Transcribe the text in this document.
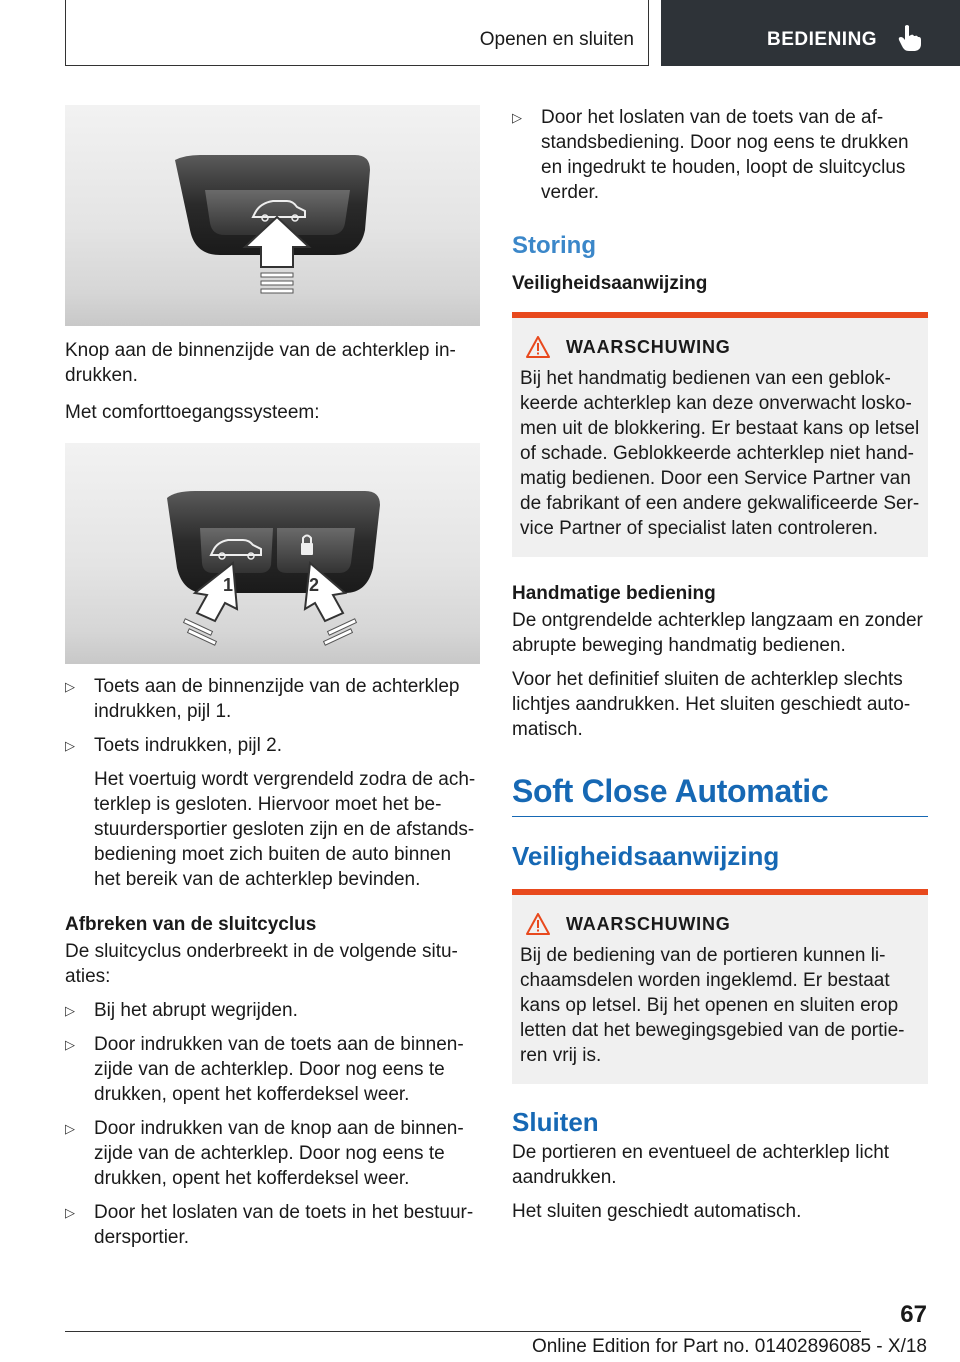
Openen en sluiten	BEDIENING

Knop aan de binnenzijde van de achterklep in-drukken.

Met comforttoegangssysteem:

1	2
▷ Toets aan de binnenzijde van de achterklep indrukken, pijl 1.
▷ Toets indrukken, pijl 2.
Het voertuig wordt vergrendeld zodra de ach-terklep is gesloten. Hiervoor moet het be-stuurdersportier gesloten zijn en de afstands-bediening moet zich buiten de auto binnen het bereik van de achterklep bevinden.
Afbreken van de sluitcyclus

De sluitcyclus onderbreekt in de volgende situ-aties:

▷ Bij het abrupt wegrijden.
▷ Door indrukken van de toets aan de binnen-zijde van de achterklep. Door nog eens te drukken, opent het kofferdeksel weer.
▷ Door indrukken van de knop aan de binnen-zijde van de achterklep. Door nog eens te drukken, opent het kofferdeksel weer.
▷ Door het loslaten van de toets in het bestuur-dersportier.
▷ Door het loslaten van de toets van de af-standsbediening. Door nog eens te drukken en ingedrukt te houden, loopt de sluitcyclus verder.
Storing
Veiligheidsaanwijzing
WAARSCHUWING

Bij het handmatig bedienen van een geblok-keerde achterklep kan deze onverwacht losko-men uit de blokkering. Er bestaat kans op letsel of schade. Geblokkeerde achterklep niet hand-matig bedienen. Door een Service Partner van de fabrikant of een andere gekwalificeerde Ser-vice Partner of specialist laten controleren.

Handmatige bediening

De ontgrendelde achterklep langzaam en zonder abrupte beweging handmatig bedienen.

Voor het definitief sluiten de achterklep slechts lichtjes aandrukken. Het sluiten geschiedt auto-matisch.

Soft Close Automatic
Veiligheidsaanwijzing
WAARSCHUWING

Bij de bediening van de portieren kunnen li-chaamsdelen worden ingeklemd. Er bestaat kans op letsel. Bij het openen en sluiten erop letten dat het bewegingsgebied van de portie-ren vrij is.

Sluiten

De portieren en eventueel de achterklep licht aandrukken.

Het sluiten geschiedt automatisch.

67
Online Edition for Part no. 01402896085 - X/18
